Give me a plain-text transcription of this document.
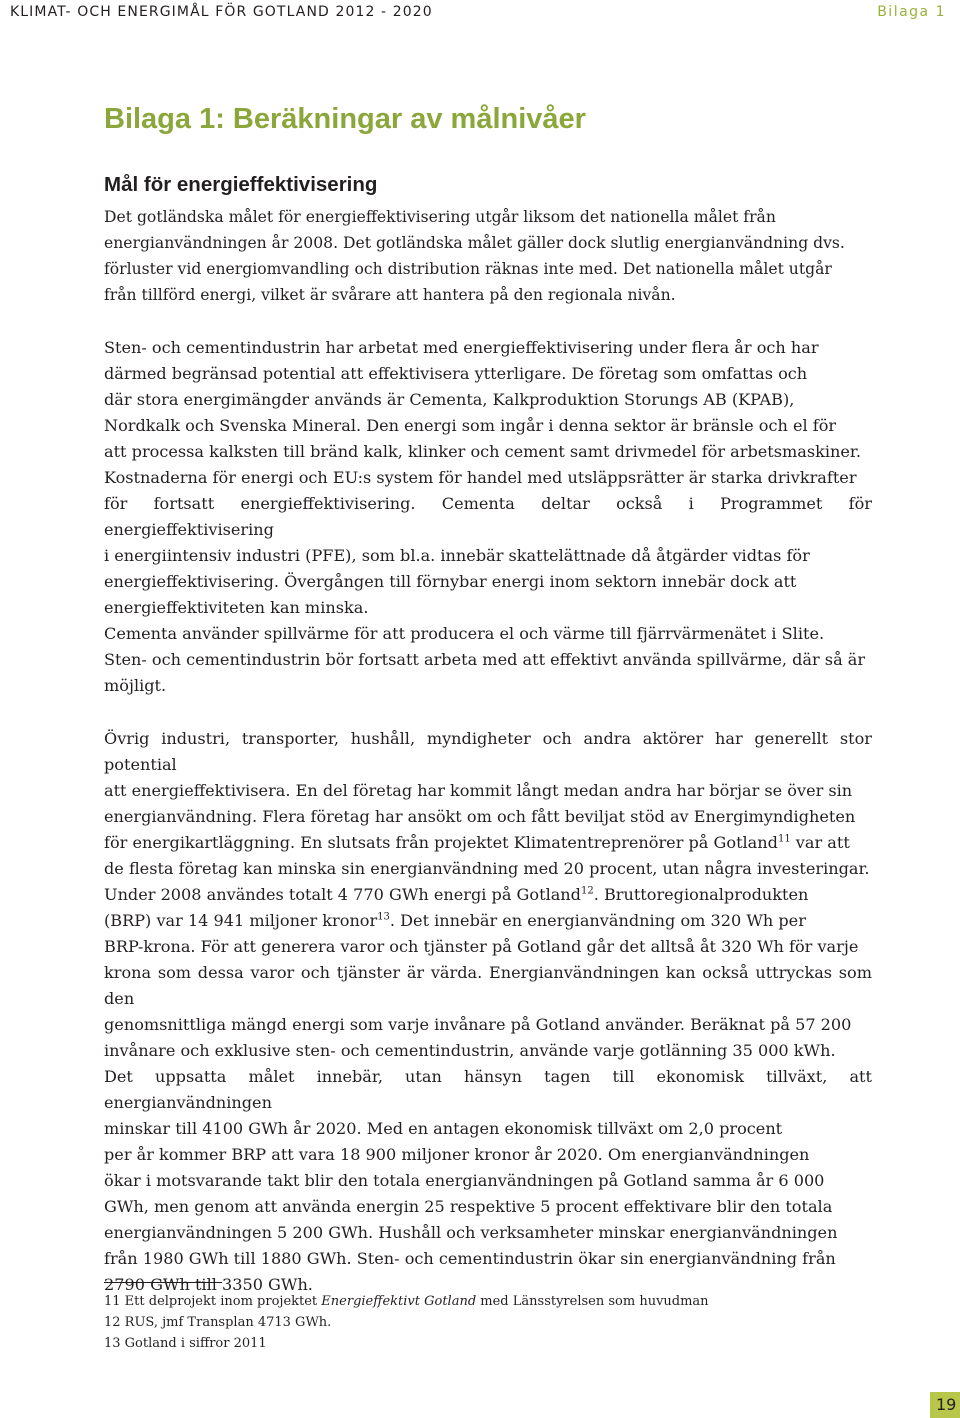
KLIMAT- OCH ENERGIMÅL FÖR GOTLAND 2012 - 2020	Bilaga 1
Bilaga 1: Beräkningar av målnivåer
Mål för energieffektivisering

Det gotländska målet för energieffektivisering utgår liksom det nationella målet från
energianvändningen år 2008. Det gotländska målet gäller dock slutlig energianvändning dvs.
förluster vid energiomvandling och distribution räknas inte med. Det nationella målet utgår
från tillförd energi, vilket är svårare att hantera på den regionala nivån.

Sten- och cementindustrin har arbetat med energieffektivisering under flera år och har
därmed begränsad potential att effektivisera ytterligare. De företag som omfattas och
där stora energimängder används är Cementa, Kalkproduktion Storungs AB (KPAB),
Nordkalk och Svenska Mineral. Den energi som ingår i denna sektor är bränsle och el för
att processa kalksten till bränd kalk, klinker och cement samt drivmedel för arbetsmaskiner.
Kostnaderna för energi och EU:s system för handel med utsläppsrätter är starka drivkrafter
för fortsatt energieffektivisering. Cementa deltar också i Programmet för energieffektivisering
i energiintensiv industri (PFE), som bl.a. innebär skattelättnade då åtgärder vidtas för
energieffektivisering. Övergången till förnybar energi inom sektorn innebär dock att
energieffektiviteten kan minska.

Cementa använder spillvärme för att producera el och värme till fjärrvärmenätet i Slite.
Sten- och cementindustrin bör fortsatt arbeta med att effektivt använda spillvärme, där så är
möjligt.

Övrig industri, transporter, hushåll, myndigheter och andra aktörer har generellt stor potential
att energieffektivisera. En del företag har kommit långt medan andra har börjar se över sin
energianvändning. Flera företag har ansökt om och fått beviljat stöd av Energimyndigheten
för energikartläggning. En slutsats från projektet Klimatentreprenörer på Gotland$^{11}$ var att
de flesta företag kan minska sin energianvändning med 20 procent, utan några investeringar.

Under 2008 användes totalt 4 770 GWh energi på Gotland$^{12}$. Bruttoregionalprodukten
(BRP) var 14 941 miljoner kronor$^{13}$. Det innebär en energianvändning om 320 Wh per
BRP-krona. För att generera varor och tjänster på Gotland går det alltså åt 320 Wh för varje
krona som dessa varor och tjänster är värda. Energianvändningen kan också uttryckas som den
genomsnittliga mängd energi som varje invånare på Gotland använder. Beräknat på 57 200
invånare och exklusive sten- och cementindustrin, använde varje gotlänning 35 000 kWh.

Det uppsatta målet innebär, utan hänsyn tagen till ekonomisk tillväxt, att energianvändningen
minskar till 4100 GWh år 2020. Med en antagen ekonomisk tillväxt om 2,0 procent
per år kommer BRP att vara 18 900 miljoner kronor år 2020. Om energianvändningen
ökar i motsvarande takt blir den totala energianvändningen på Gotland samma år 6 000
GWh, men genom att använda energin 25 respektive 5 procent effektivare blir den totala
energianvändningen 5 200 GWh. Hushåll och verksamheter minskar energianvändningen
från 1980 GWh till 1880 GWh. Sten- och cementindustrin ökar sin energianvändning från
2790 GWh till 3350 GWh.

11 Ett delprojekt inom projektet Energieffektivt Gotland med Länsstyrelsen som huvudman
12 RUS, jmf Transplan 4713 GWh.
13 Gotland i siffror 2011
19
